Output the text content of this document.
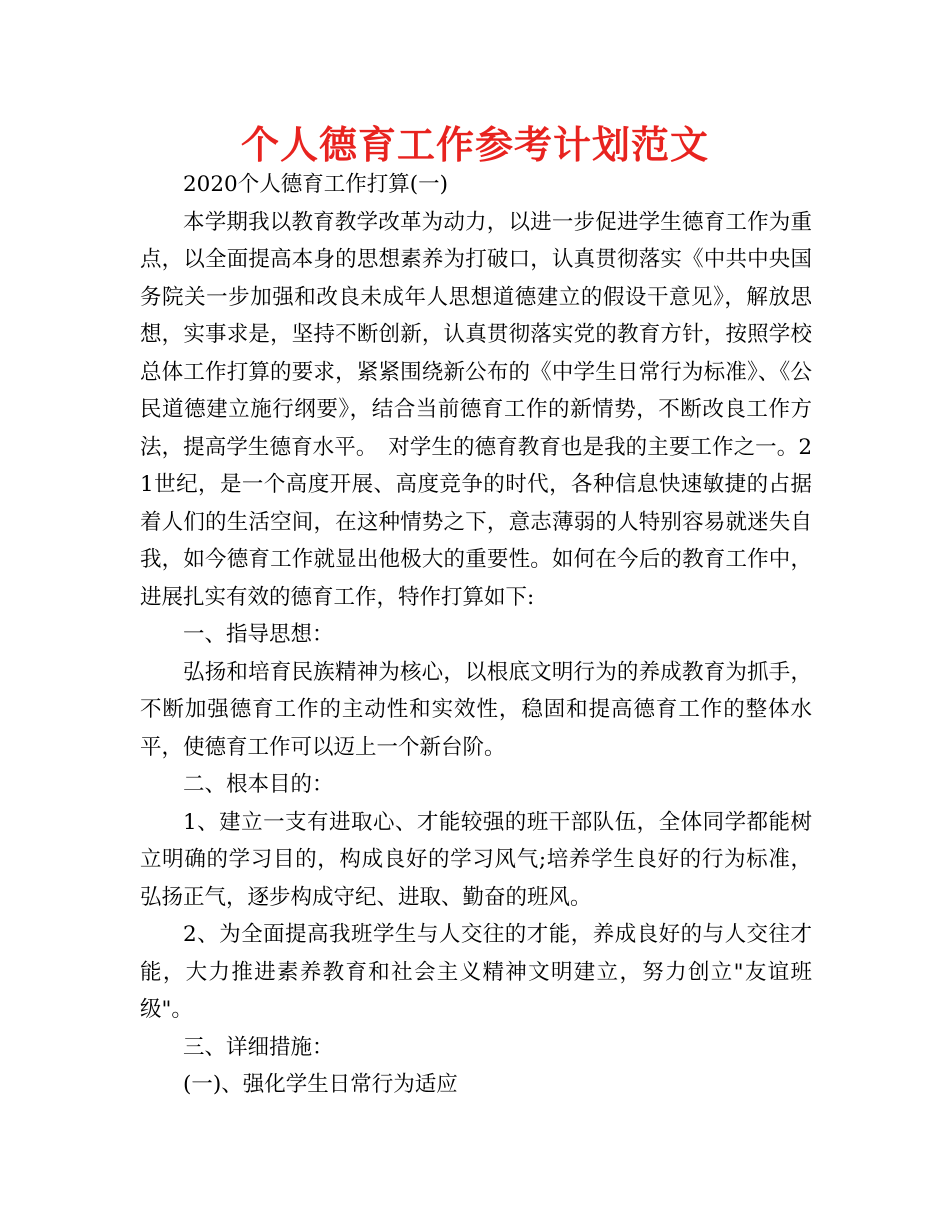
个人德育工作参考计划范文

2020个人德育工作打算(一)

本学期我以教育教学改革为动力，以进一步促进学生德育工作为重点，以全面提高本身的思想素养为打破口，认真贯彻落实《中共中央国务院关一步加强和改良未成年人思想道德建立的假设干意见》，解放思想，实事求是，坚持不断创新，认真贯彻落实党的教育方针，按照学校总体工作打算的要求，紧紧围绕新公布的《中学生日常行为标准》、《公民道德建立施行纲要》，结合当前德育工作的新情势，不断改良工作方法，提高学生德育水平。　对学生的德育教育也是我的主要工作之一。21世纪，是一个高度开展、高度竞争的时代，各种信息快速敏捷的占据着人们的生活空间，在这种情势之下，意志薄弱的人特别容易就迷失自我，如今德育工作就显出他极大的重要性。如何在今后的教育工作中，进展扎实有效的德育工作，特作打算如下:

一、指导思想：

弘扬和培育民族精神为核心，以根底文明行为的养成教育为抓手，不断加强德育工作的主动性和实效性，稳固和提高德育工作的整体水平，使德育工作可以迈上一个新台阶。

二、根本目的：

1、建立一支有进取心、才能较强的班干部队伍，全体同学都能树立明确的学习目的，构成良好的学习风气;培养学生良好的行为标准，弘扬正气，逐步构成守纪、进取、勤奋的班风。

2、为全面提高我班学生与人交往的才能，养成良好的与人交往才能，大力推进素养教育和社会主义精神文明建立，努力创立"友谊班级"。

三、详细措施：

(一)、强化学生日常行为适应
